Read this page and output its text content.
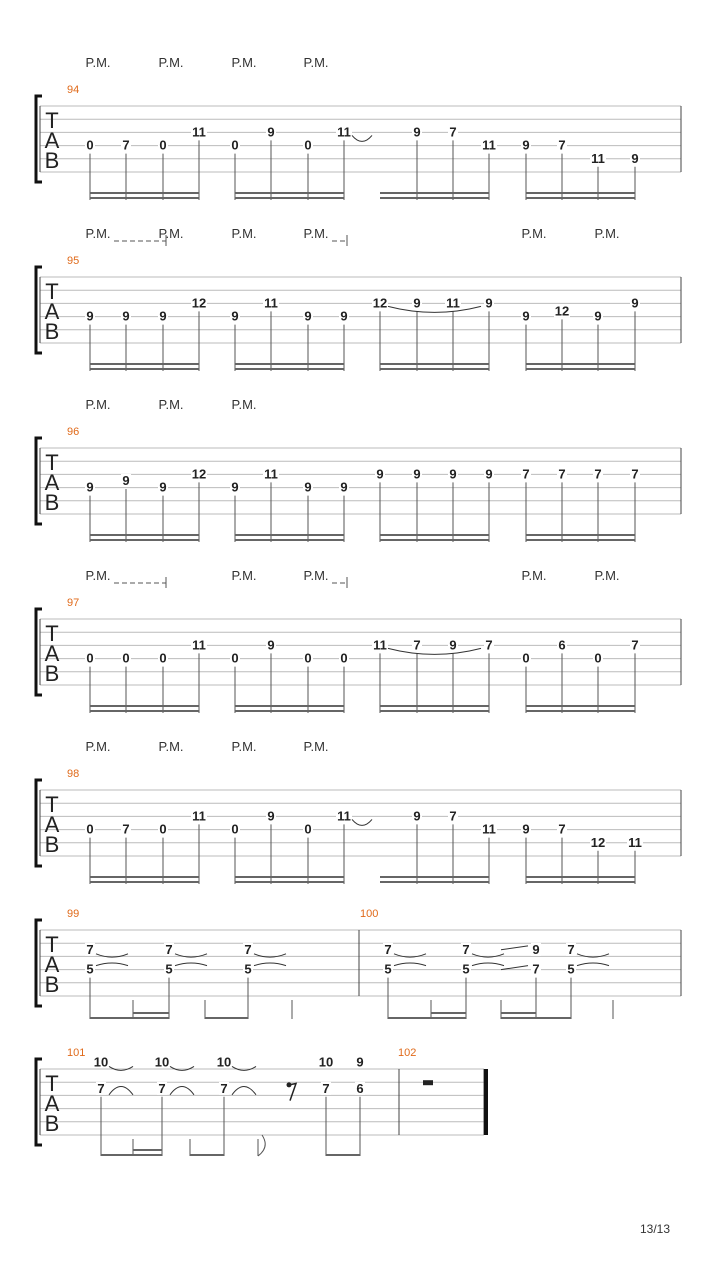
T
A
B
94
P.M.	P.M.	P.M.	P.M.
0 7 0
11
0
9
0
11	9 7
11 9 7
11 9
T
A
B
95
P.M.	P.M.	P.M.	P.M.	P.M.
P.M.
9 9 9
12
9
11
9 9
12 9 11 9
9 12 9
9
T
A
B
96
P.M.	P.M.	P.M.
9 9 9
12
9
11
9 9
9 9 9 9 7 7 7 7
T
A
B
97
P.M.	P.M.	P.M.	P.M.
P.M.
0 0 0
11
0
9
0 0
11 7 9 7
0
6
0
7
T
A
B
98
P.M.	P.M.	P.M.	P.M.
0 7 0
11
0
9
0
11	9 7
11 9 7
12 11
T
A
B
99	100
7
5
7
5
7
5
7
5
7
5
9
7
7
5
T
A
B
101	102
10
7
10
7
10
7
10
7
9
6
13/13
